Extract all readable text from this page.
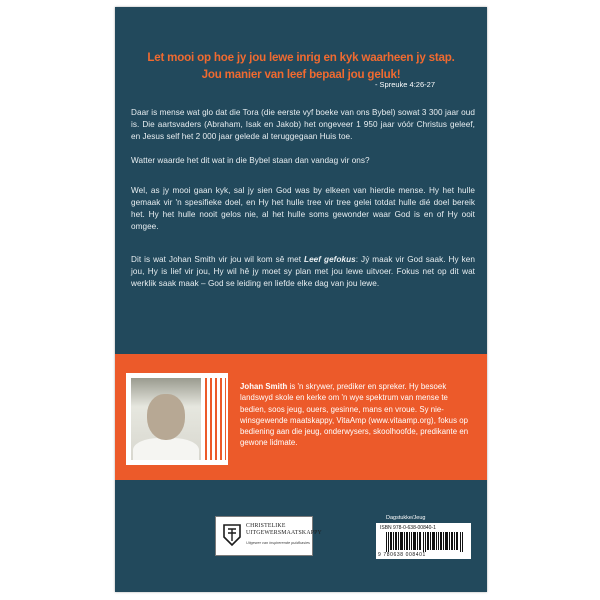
Let mooi op hoe jy jou lewe inrig en kyk waarheen jy stap.
Jou manier van leef bepaal jou geluk!
- Spreuke 4:26-27
Daar is mense wat glo dat die Tora (die eerste vyf boeke van ons Bybel) sowat 3 300 jaar oud is. Die aartsvaders (Abraham, Isak en Jakob) het ongeveer 1 950 jaar vóór Christus geleef, en Jesus self het 2 000 jaar gelede al teruggegaan Huis toe.
Watter waarde het dit wat in die Bybel staan dan vandag vir ons?
Wel, as jy mooi gaan kyk, sal jy sien God was by elkeen van hierdie mense. Hy het hulle gemaak vir 'n spesifieke doel, en Hy het hulle tree vir tree gelei totdat hulle dié doel bereik het. Hy het hulle nooit gelos nie, al het hulle soms gewonder waar God is en of Hy ooit omgee.
Dit is wat Johan Smith vir jou wil kom sê met Leef gefokus: Jý maak vir God saak. Hy ken jou, Hy is lief vir jou, Hy wil hê jy moet sy plan met jou lewe uitvoer. Fokus net op dit wat werklik saak maak – God se leiding en liefde elke dag van jou lewe.
Johan Smith is 'n skrywer, prediker en spreker. Hy besoek landswyd skole en kerke om 'n wye spektrum van mense te bedien, soos jeug, ouers, gesinne, mans en vroue. Sy nie-winsgewende maatskappy, VitaAmp (www.vitaamp.org), fokus op bediening aan die jeug, onderwysers, skoolhoofde, predikante en gewone lidmate.
CHRISTELIKE
UITGEWERSMAATSKAPPY
Uitgewer van inspirerende publikasies
Dagstukke/Jeug
ISBN 978-0-638-00840-1
9 780638 008401
